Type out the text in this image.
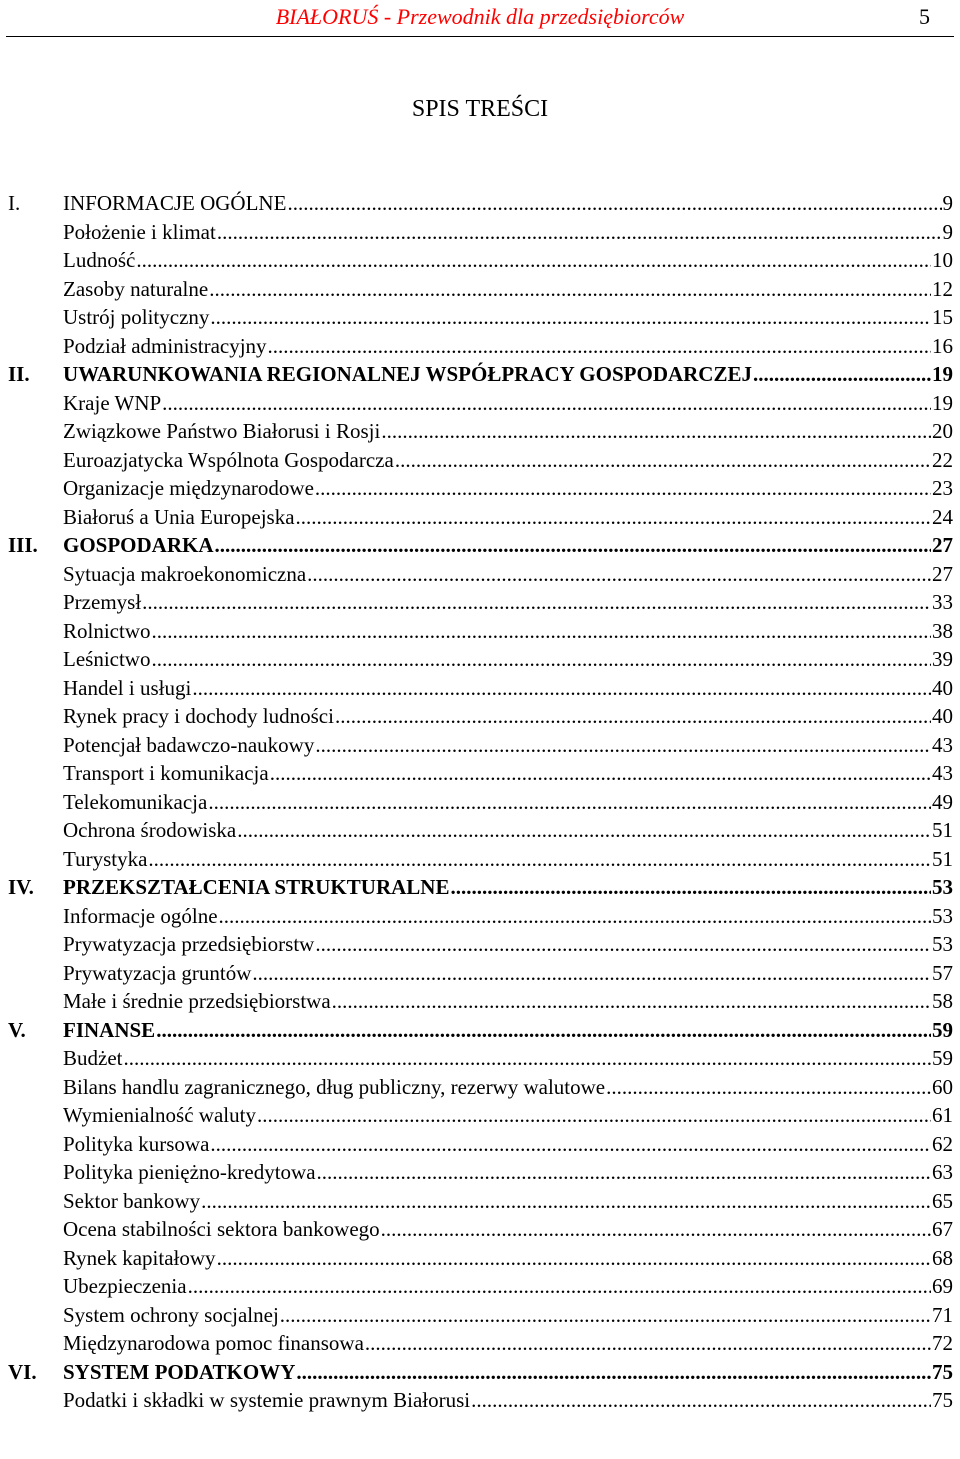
BIAŁORUŚ - Przewodnik dla przedsiębiorców	5
SPIS TREŚCI
I. INFORMACJE OGÓLNE .....	9
Położenie i klimat .....	9
Ludność .....	10
Zasoby naturalne .....	12
Ustrój polityczny .....	15
Podział administracyjny .....	16
II. UWARUNKOWANIA REGIONALNEJ WSPÓŁPRACY GOSPODARCZEJ .....	19
Kraje WNP .....	19
Związkowe Państwo Białorusi i Rosji .....	20
Euroazjatycka Wspólnota Gospodarcza .....	22
Organizacje międzynarodowe .....	23
Białoruś a Unia Europejska .....	24
III. GOSPODARKA .....	27
Sytuacja makroekonomiczna .....	27
Przemysł .....	33
Rolnictwo .....	38
Leśnictwo .....	39
Handel i usługi .....	40
Rynek pracy i dochody ludności .....	40
Potencjał badawczo-naukowy .....	43
Transport i komunikacja .....	43
Telekomunikacja .....	49
Ochrona środowiska .....	51
Turystyka .....	51
IV. PRZEKSZTAŁCENIA STRUKTURALNE .....	53
Informacje ogólne .....	53
Prywatyzacja przedsiębiorstw .....	53
Prywatyzacja gruntów .....	57
Małe i średnie przedsiębiorstwa .....	58
V. FINANSE .....	59
Budżet .....	59
Bilans handlu zagranicznego, dług publiczny, rezerwy walutowe .....	60
Wymienialność waluty .....	61
Polityka kursowa .....	62
Polityka pieniężno-kredytowa .....	63
Sektor bankowy .....	65
Ocena stabilności sektora bankowego .....	67
Rynek kapitałowy .....	68
Ubezpieczenia .....	69
System ochrony socjalnej .....	71
Międzynarodowa pomoc finansowa .....	72
VI. SYSTEM PODATKOWY .....	75
Podatki i składki w systemie prawnym Białorusi .....	75
